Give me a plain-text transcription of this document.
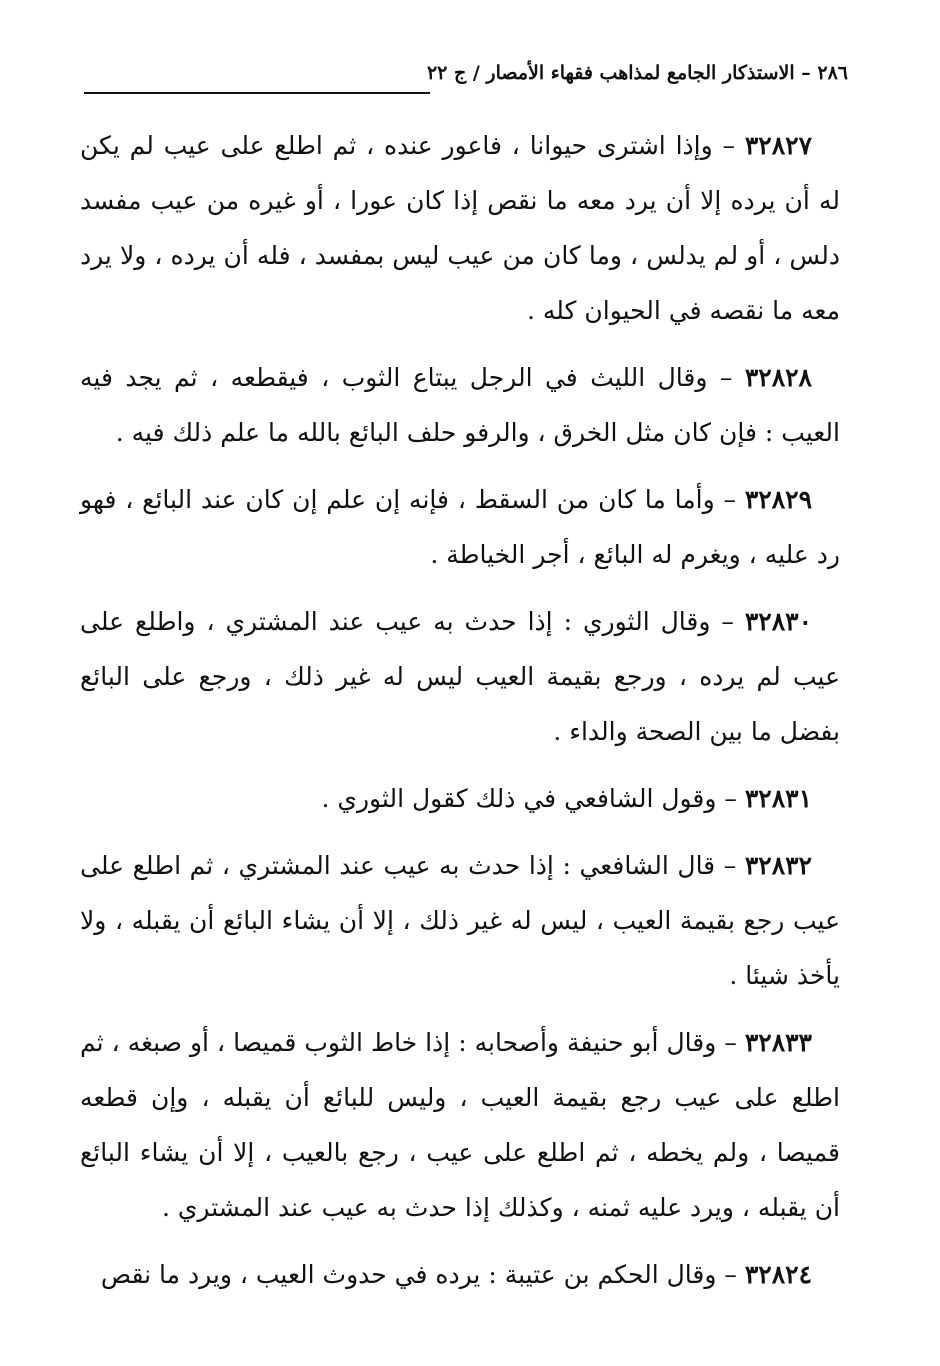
٢٨٦ – الاستذكار الجامع لمذاهب فقهاء الأمصار / ج ٢٢

٣٢٨٢٧ – وإذا اشترى حيوانا ، فاعور عنده ، ثم اطلع على عيب لم يكن له أن يرده إلا أن يرد معه ما نقص إذا كان عورا ، أو غيره من عيب مفسد دلس ، أو لم يدلس ، وما كان من عيب ليس بمفسد ، فله أن يرده ، ولا يرد معه ما نقصه في الحيوان كله .

٣٢٨٢٨ – وقال الليث في الرجل يبتاع الثوب ، فيقطعه ، ثم يجد فيه العيب : فإن كان مثل الخرق ، والرفو حلف البائع بالله ما علم ذلك فيه .

٣٢٨٢٩ – وأما ما كان من السقط ، فإنه إن علم إن كان عند البائع ، فهو رد عليه ، ويغرم له البائع ، أجر الخياطة .

٣٢٨٣٠ – وقال الثوري : إذا حدث به عيب عند المشتري ، واطلع على عيب لم يرده ، ورجع بقيمة العيب ليس له غير ذلك ، ورجع على البائع بفضل ما بين الصحة والداء .

٣٢٨٣١ – وقول الشافعي في ذلك كقول الثوري .

٣٢٨٣٢ – قال الشافعي : إذا حدث به عيب عند المشتري ، ثم اطلع على عيب رجع بقيمة العيب ، ليس له غير ذلك ، إلا أن يشاء البائع أن يقبله ، ولا يأخذ شيئا .

٣٢٨٣٣ – وقال أبو حنيفة وأصحابه : إذا خاط الثوب قميصا ، أو صبغه ، ثم اطلع على عيب رجع بقيمة العيب ، وليس للبائع أن يقبله ، وإن قطعه قميصا ، ولم يخطه ، ثم اطلع على عيب ، رجع بالعيب ، إلا أن يشاء البائع أن يقبله ، ويرد عليه ثمنه ، وكذلك إذا حدث به عيب عند المشتري .

٣٢٨٢٤ – وقال الحكم بن عتيبة : يرده في حدوث العيب ، ويرد ما نقص
